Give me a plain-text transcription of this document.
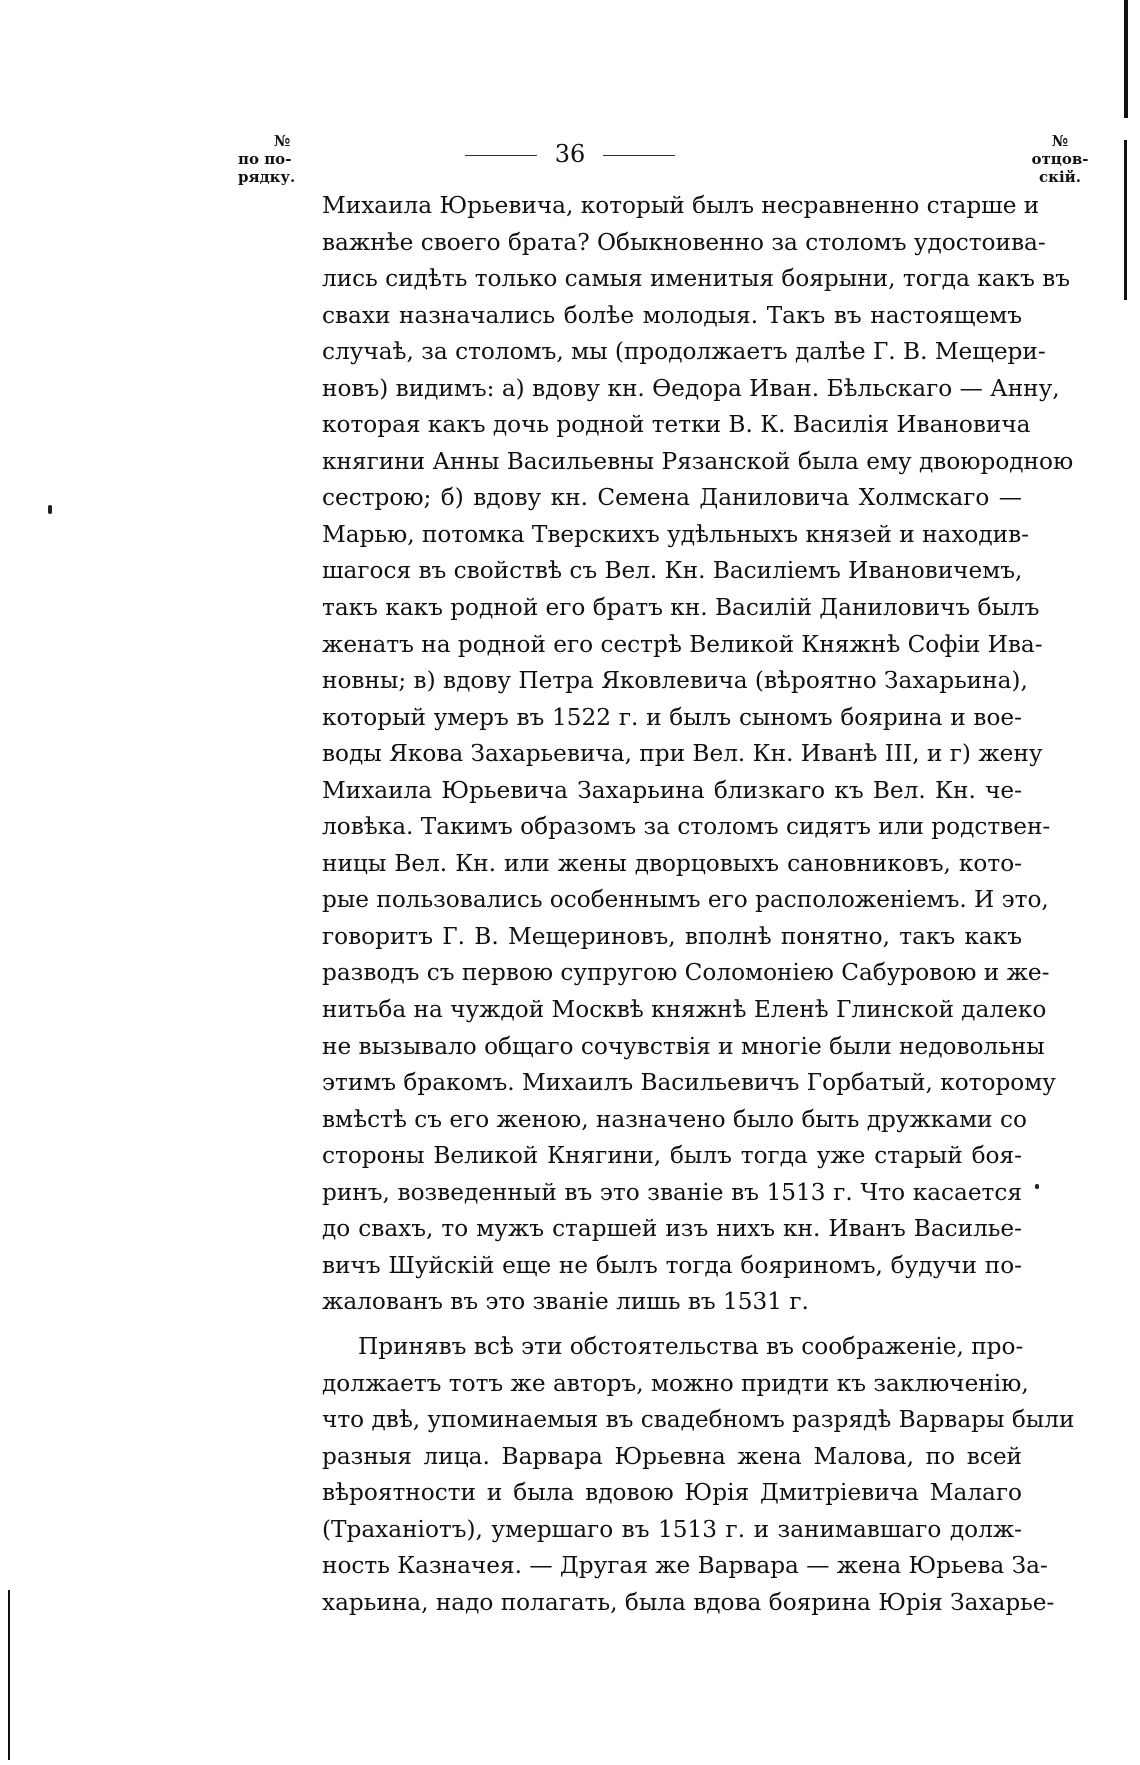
36
№
по по-
рядку.
№
отцов-
скій.
Михаила Юрьевича, который былъ несравненно старше и
важнѣе своего брата? Обыкновенно за столомъ удостоива-
лись сидѣть только самыя именитыя боярыни, тогда какъ въ
свахи назначались болѣе молодыя. Такъ въ настоящемъ
случаѣ, за столомъ, мы (продолжаетъ далѣе Г. В. Мещери-
новъ) видимъ: а) вдову кн. Ѳедора Иван. Бѣльскаго — Анну,
которая какъ дочь родной тетки В. К. Василія Ивановича
княгини Анны Васильевны Рязанской была ему двоюродною
сестрою; б) вдову кн. Семена Даниловича Холмскаго —
Марью, потомка Тверскихъ удѣльныхъ князей и находив-
шагося въ свойствѣ съ Вел. Кн. Василіемъ Ивановичемъ,
такъ какъ родной его братъ кн. Василій Даниловичъ былъ
женатъ на родной его сестрѣ Великой Княжнѣ Софіи Ива-
новны; в) вдову Петра Яковлевича (вѣроятно Захарьина),
который умеръ въ 1522 г. и былъ сыномъ боярина и вое-
воды Якова Захарьевича, при Вел. Кн. Иванѣ III, и г) жену
Михаила Юрьевича Захарьина близкаго къ Вел. Кн. че-
ловѣка. Такимъ образомъ за столомъ сидятъ или родствен-
ницы Вел. Кн. или жены дворцовыхъ сановниковъ, кото-
рые пользовались особеннымъ его расположеніемъ. И это,
говоритъ Г. В. Мещериновъ, вполнѣ понятно, такъ какъ
разводъ съ первою супругою Соломоніею Сабуровою и же-
нитьба на чуждой Москвѣ княжнѣ Еленѣ Глинской далеко
не вызывало общаго сочувствія и многіе были недовольны
этимъ бракомъ. Михаилъ Васильевичъ Горбатый, которому
вмѣстѣ съ его женою, назначено было быть дружками со
стороны Великой Княгини, былъ тогда уже старый боя-
ринъ, возведенный въ это званіе въ 1513 г. Что касается
до свахъ, то мужъ старшей изъ нихъ кн. Иванъ Василье-
вичъ Шуйскій еще не былъ тогда бояриномъ, будучи по-
жалованъ въ это званіе лишь въ 1531 г.
Принявъ всѣ эти обстоятельства въ соображеніе, про-
должаетъ тотъ же авторъ, можно придти къ заключенію,
что двѣ, упоминаемыя въ свадебномъ разрядѣ Варвары были
разныя лица. Варвара Юрьевна жена Малова, по всей
вѣроятности и была вдовою Юрія Дмитріевича Малаго
(Траханіотъ), умершаго въ 1513 г. и занимавшаго долж-
ность Казначея. — Другая же Варвара — жена Юрьева За-
харьина, надо полагать, была вдова боярина Юрія Захарье-
